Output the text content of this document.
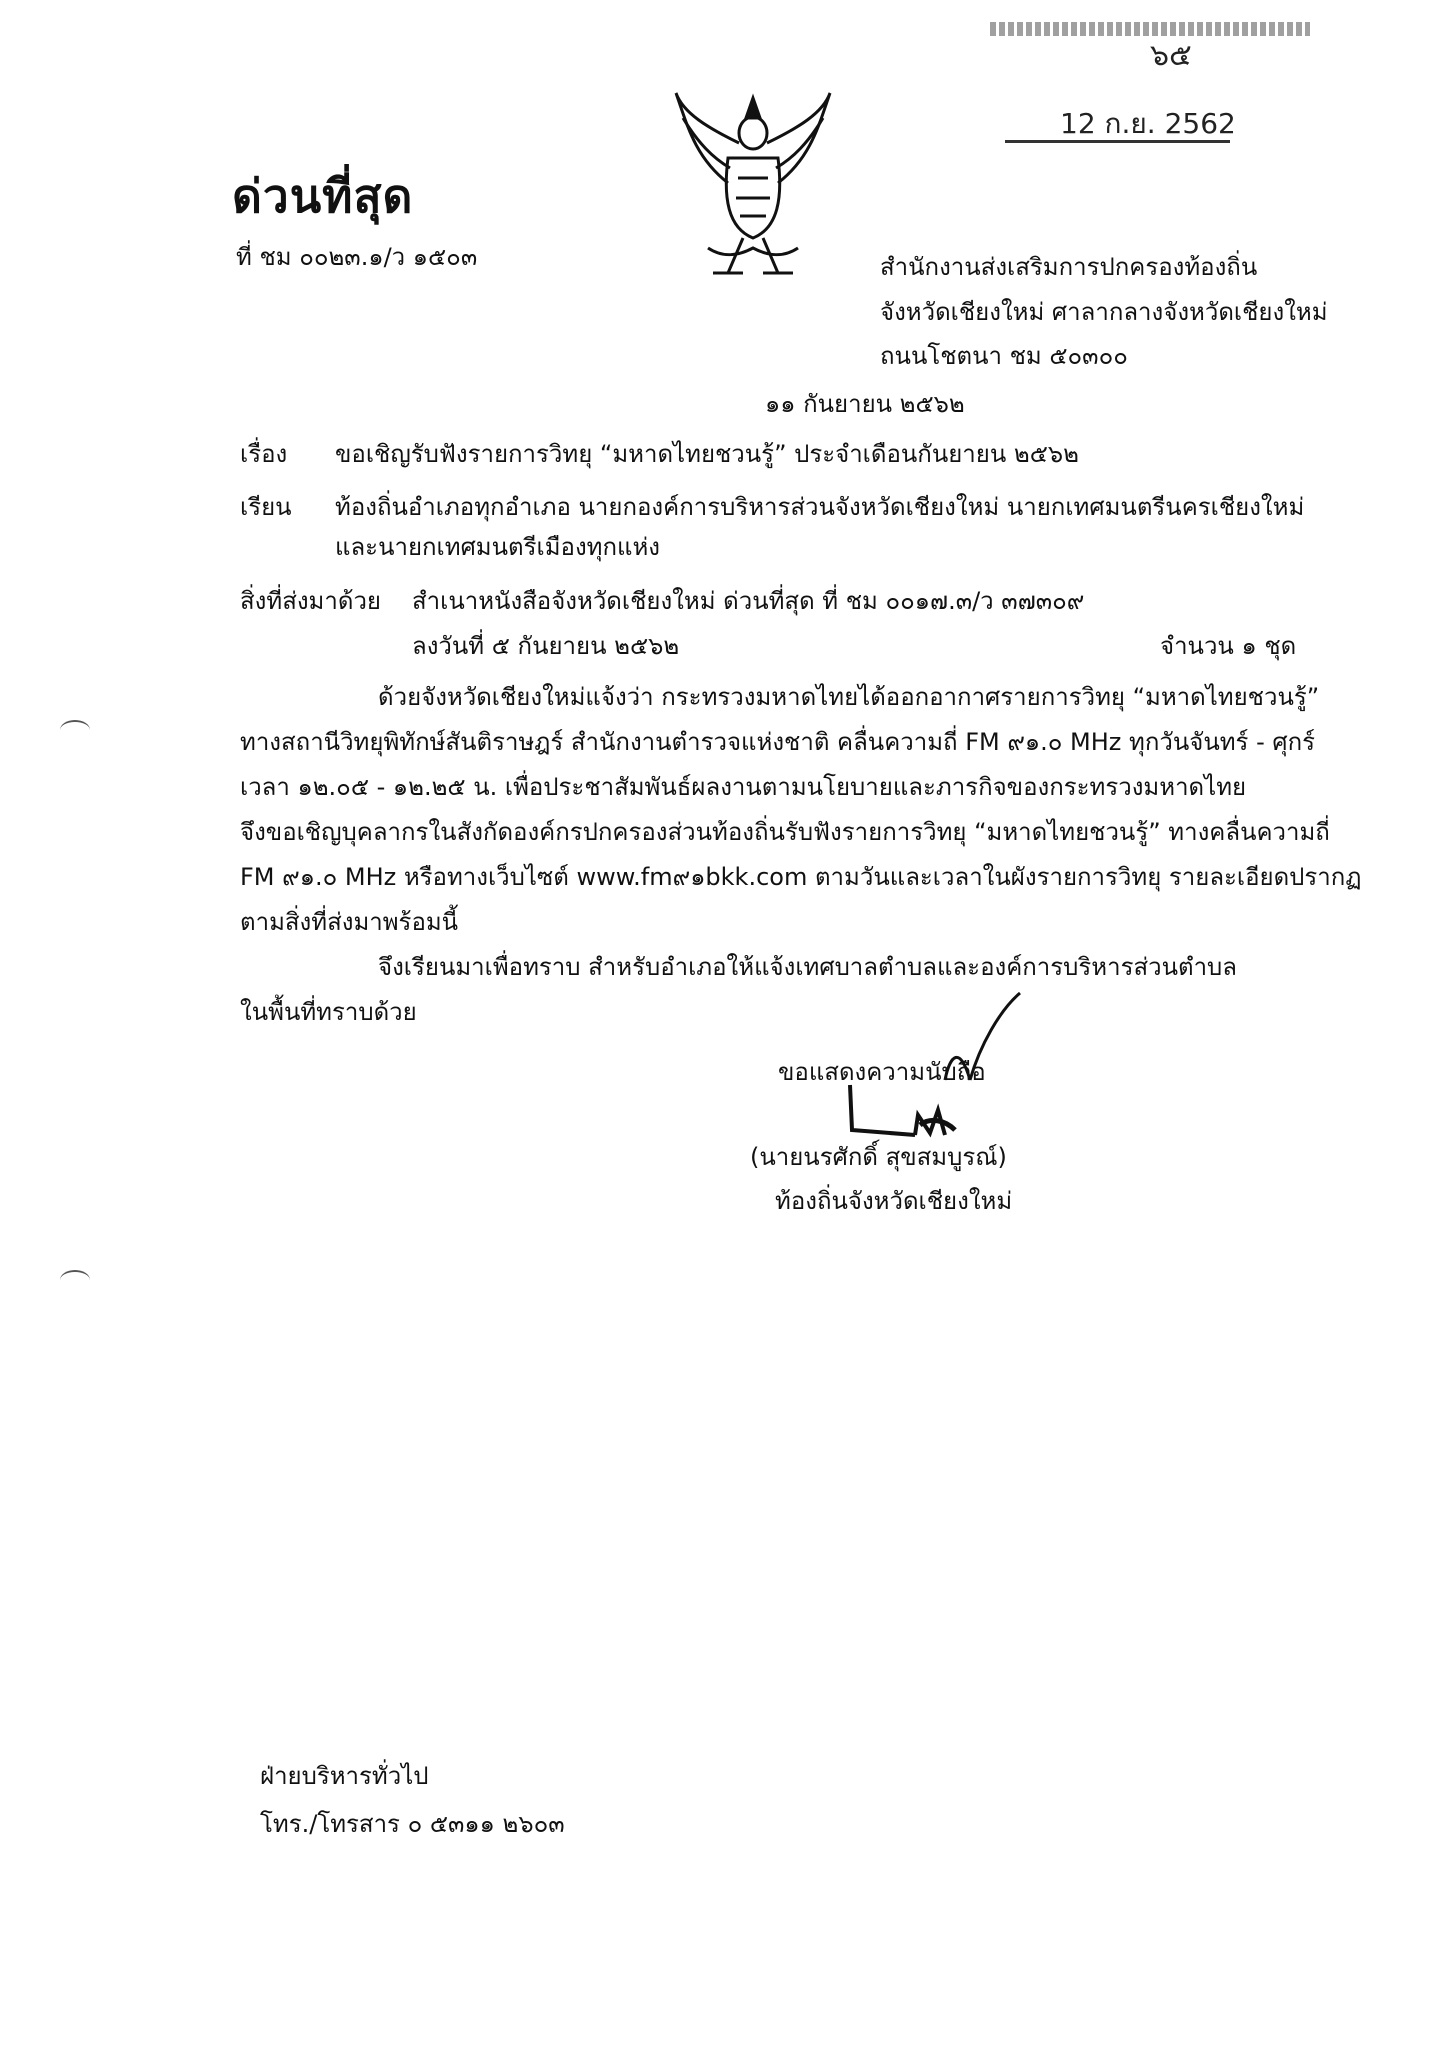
๖๕
12 ก.ย. 2562
ด่วนที่สุด
ที่ ชม ๐๐๒๓.๑/ว ๑๕๐๓	สำนักงานส่งเสริมการปกครองท้องถิ่น
จังหวัดเชียงใหม่ ศาลากลางจังหวัดเชียงใหม่
ถนนโชตนา ชม ๕๐๓๐๐
๑๑ กันยายน ๒๕๖๒
เรื่อง ขอเชิญรับฟังรายการวิทยุ “มหาดไทยชวนรู้” ประจำเดือนกันยายน ๒๕๖๒
เรียน ท้องถิ่นอำเภอทุกอำเภอ นายกองค์การบริหารส่วนจังหวัดเชียงใหม่ นายกเทศมนตรีนครเชียงใหม่
และนายกเทศมนตรีเมืองทุกแห่ง
สิ่งที่ส่งมาด้วย สำเนาหนังสือจังหวัดเชียงใหม่ ด่วนที่สุด ที่ ชม ๐๐๑๗.๓/ว ๓๗๓๐๙
ลงวันที่ ๕ กันยายน ๒๕๖๒	จำนวน ๑ ชุด
ด้วยจังหวัดเชียงใหม่แจ้งว่า กระทรวงมหาดไทยได้ออกอากาศรายการวิทยุ “มหาดไทยชวนรู้”
ทางสถานีวิทยุพิทักษ์สันติราษฎร์ สำนักงานตำรวจแห่งชาติ คลื่นความถี่ FM ๙๑.๐ MHz ทุกวันจันทร์ - ศุกร์
เวลา ๑๒.๐๕ - ๑๒.๒๕ น. เพื่อประชาสัมพันธ์ผลงานตามนโยบายและภารกิจของกระทรวงมหาดไทย
จึงขอเชิญบุคลากรในสังกัดองค์กรปกครองส่วนท้องถิ่นรับฟังรายการวิทยุ “มหาดไทยชวนรู้” ทางคลื่นความถี่
FM ๙๑.๐ MHz หรือทางเว็บไซต์ www.fm๙๑bkk.com ตามวันและเวลาในผังรายการวิทยุ รายละเอียดปรากฏ
ตามสิ่งที่ส่งมาพร้อมนี้
จึงเรียนมาเพื่อทราบ สำหรับอำเภอให้แจ้งเทศบาลตำบลและองค์การบริหารส่วนตำบล
ในพื้นที่ทราบด้วย
ขอแสดงความนับถือ
(นายนรศักดิ์ สุขสมบูรณ์)
ท้องถิ่นจังหวัดเชียงใหม่
ฝ่ายบริหารทั่วไป
โทร./โทรสาร ๐ ๕๓๑๑ ๒๖๐๓
